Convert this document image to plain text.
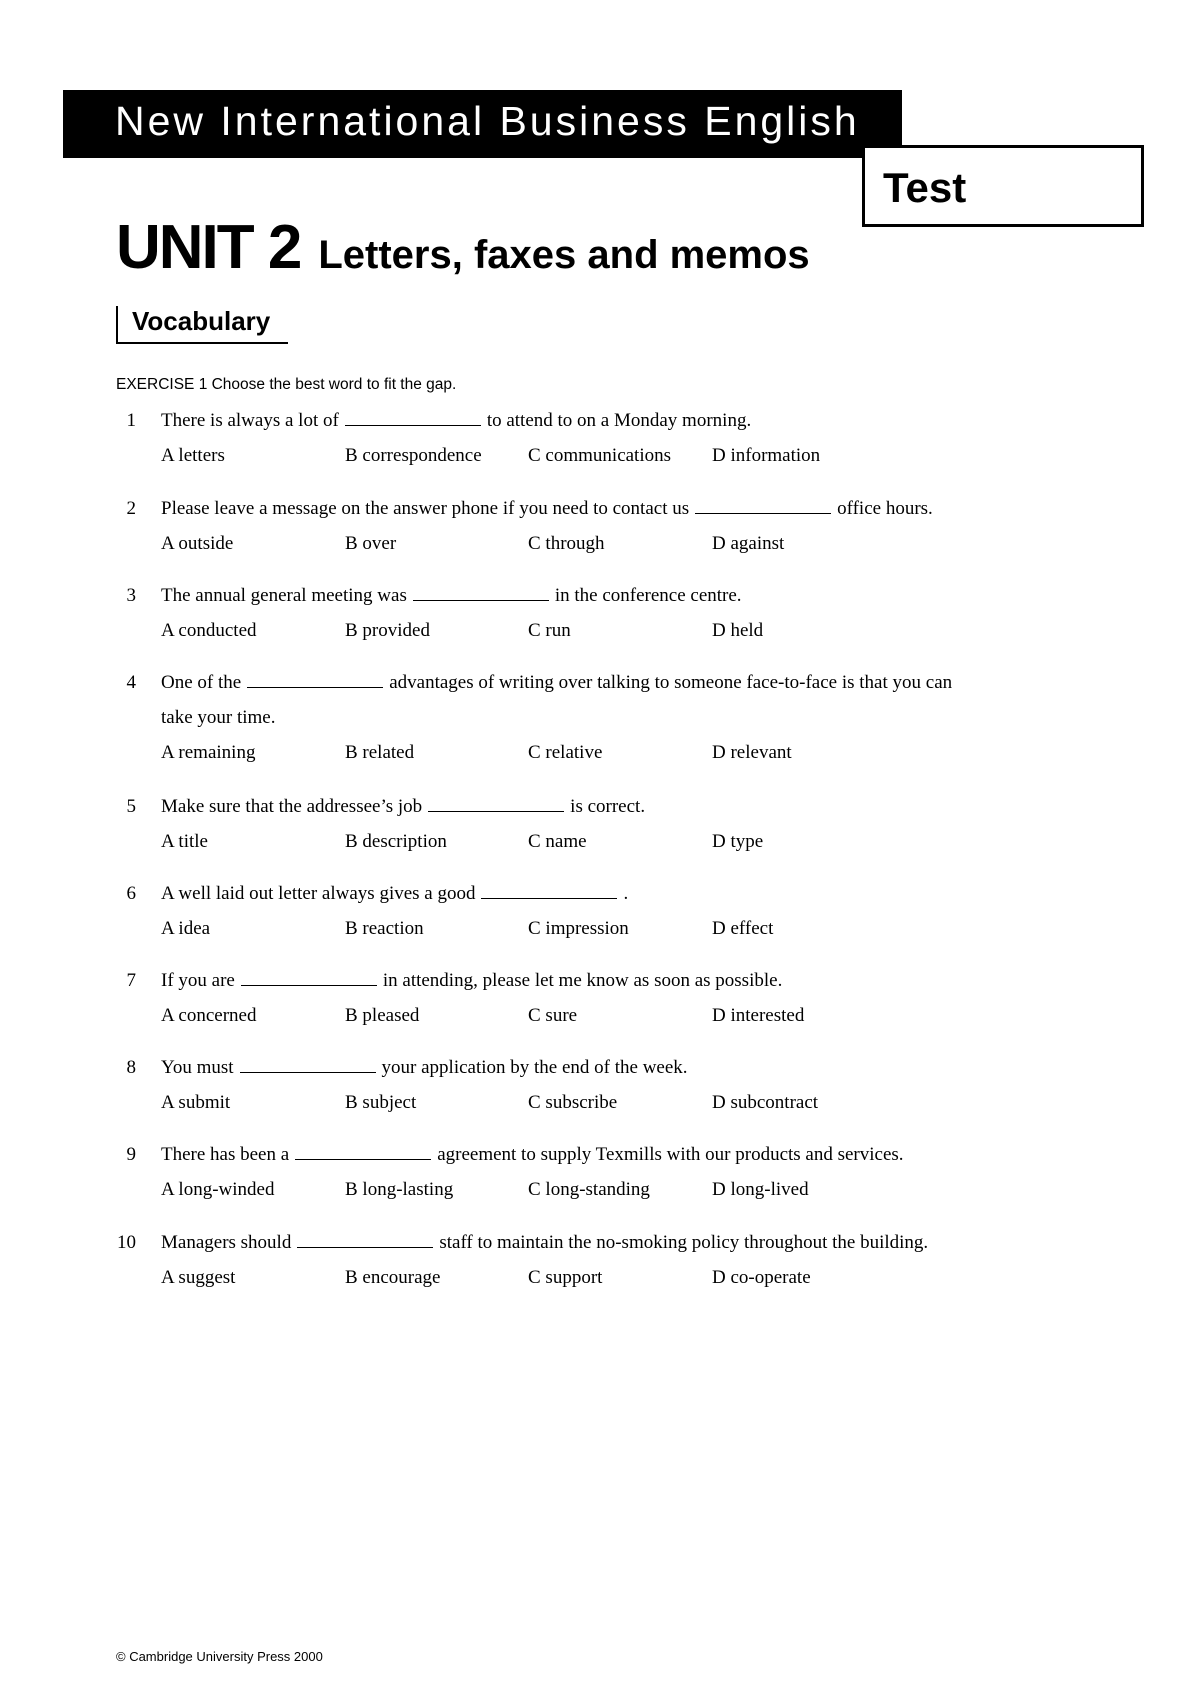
New International Business English
Test
UNIT 2 Letters, faxes and memos
Vocabulary
EXERCISE 1 Choose the best word to fit the gap.
1 There is always a lot of	to attend to on a Monday morning.
A letters	B correspondence C communications D information
2 Please leave a message on the answer phone if you need to contact us	office hours.
A outside	B over	C through	D against
3 The annual general meeting was	in the conference centre.
A conducted	B provided	C run	D held
4 One of the	advantages of writing over talking to someone face-to-face is that you can
take your time.
A remaining	B related	C relative	D relevant
5 Make sure that the addressee’s job	is correct.
A title	B description	C name	D type
6 A well laid out letter always gives a good	.
A idea	B reaction	C impression	D effect
7 If you are	in attending, please let me know as soon as possible.
A concerned	B pleased	C sure	D interested
8 You must	your application by the end of the week.
A submit	B subject	C subscribe	D subcontract
9 There has been a	agreement to supply Texmills with our products and services.
A long-winded	B long-lasting	C long-standing	D long-lived
10 Managers should	staff to maintain the no-smoking policy throughout the building.
A suggest	B encourage	C support	D co-operate
© Cambridge University Press 2000
